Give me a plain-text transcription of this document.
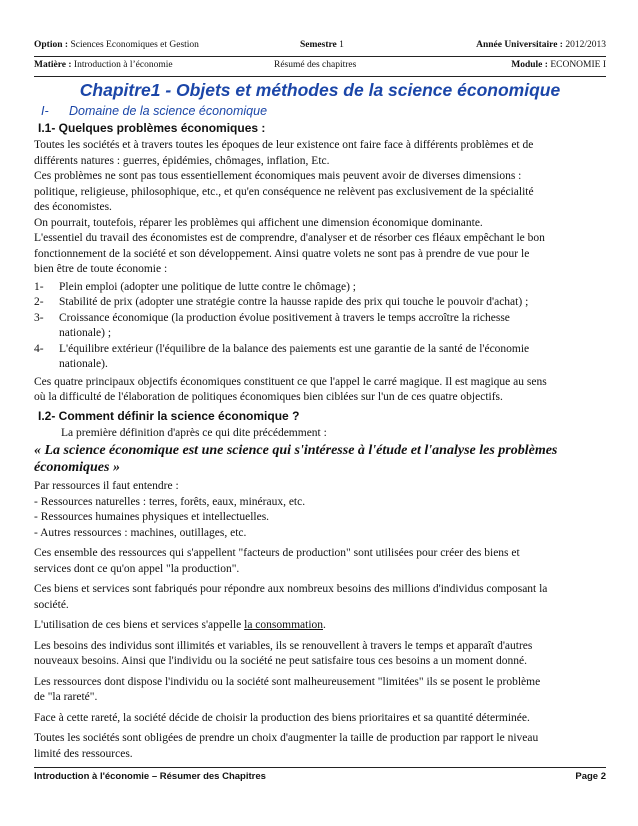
Option : Sciences Economiques et Gestion	Semestre 1	Année Universitaire : 2012/2013
Matière : Introduction à l’économie	Résumé des chapitres	Module : ECONOMIE I
Chapitre1 - Objets et méthodes de la science économique
I- Domaine de la science économique
I.1- Quelques problèmes économiques :

Toutes les sociétés et à travers toutes les époques de leur existence ont faire face à différents problèmes et de
différents natures : guerres, épidémies, chômages, inflation, Etc.
Ces problèmes ne sont pas tous essentiellement économiques mais peuvent avoir de diverses dimensions :
politique, religieuse, philosophique, etc., et qu'en conséquence ne relèvent pas exclusivement de la spécialité
des économistes.
On pourrait, toutefois, réparer les problèmes qui affichent une dimension économique dominante.
L'essentiel du travail des économistes est de comprendre, d'analyser et de résorber ces fléaux empêchant le bon
fonctionnement de la société et son développement. Ainsi quatre volets ne sont pas à prendre de vue pour le
bien être de toute économie :

1- Plein emploi (adopter une politique de lutte contre le chômage) ;
2- Stabilité de prix (adopter une stratégie contre la hausse rapide des prix qui touche le pouvoir d'achat) ;
3- Croissance économique (la production évolue positivement à travers le temps accroître la richesse
nationale) ;
4- L'équilibre extérieur (l'équilibre de la balance des paiements est une garantie de la santé de l'économie
nationale).

Ces quatre principaux objectifs économiques constituent ce que l'appel le carré magique. Il est magique au sens
où la difficulté de l'élaboration de politiques économiques bien ciblées sur l'un de ces quatre objectifs.

I.2- Comment définir la science économique ?

La première définition d'après ce qui dite précédemment :

« La science économique est une science qui s'intéresse à l'étude et l'analyse les problèmes
économiques »

Par ressources il faut entendre :
- Ressources naturelles : terres, forêts, eaux, minéraux, etc.
- Ressources humaines physiques et intellectuelles.
- Autres ressources : machines, outillages, etc.

Ces ensemble des ressources qui s'appellent "facteurs de production" sont utilisées pour créer des biens et
services dont ce qu'on appel "la production".

Ces biens et services sont fabriqués pour répondre aux nombreux besoins des millions d'individus composant la
société.

L'utilisation de ces biens et services s'appelle la consommation.

Les besoins des individus sont illimités et variables, ils se renouvellent à travers le temps et apparaît d'autres
nouveaux besoins. Ainsi que l'individu ou la société ne peut satisfaire tous ces besoins a un moment donné.

Les ressources dont dispose l'individu ou la société sont malheureusement "limitées" ils se posent le problème
de "la rareté".

Face à cette rareté, la société décide de choisir la production des biens prioritaires et sa quantité déterminée.

Toutes les sociétés sont obligées de prendre un choix d'augmenter la taille de production par rapport le niveau
limité des ressources.

Introduction à l'économie – Résumer des Chapitres	Page 2
